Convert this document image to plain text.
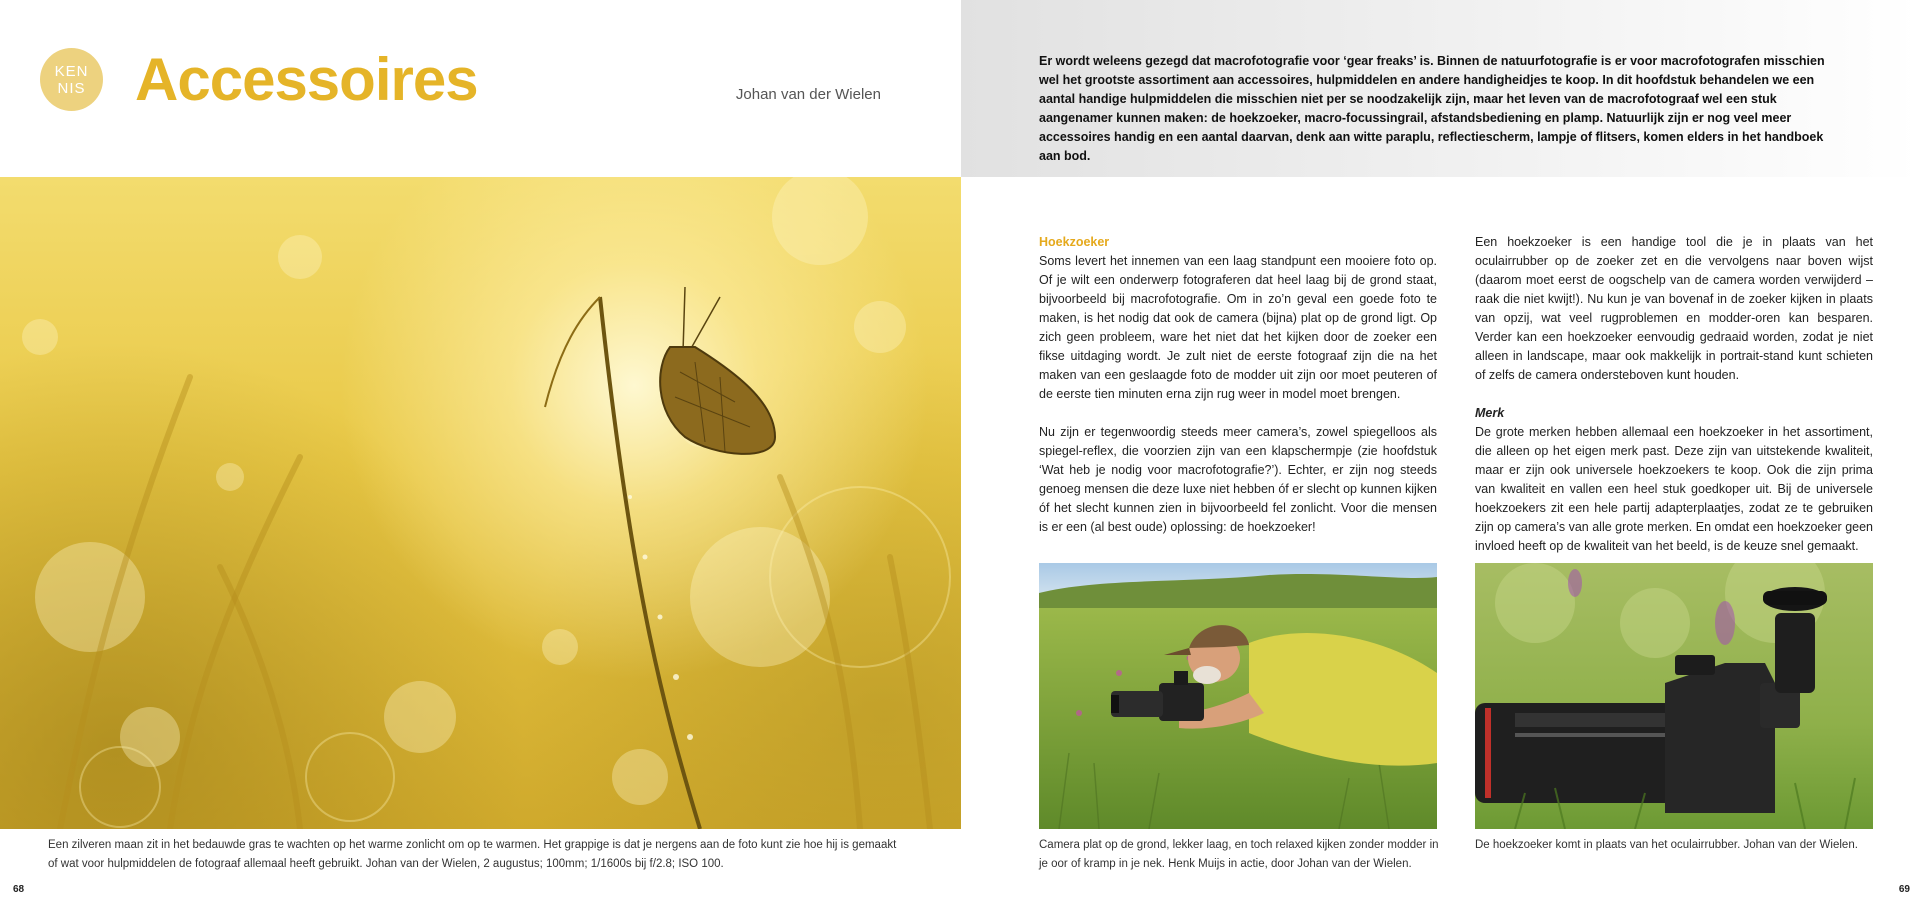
KEN
NIS Accessoires	Johan van der Wielen

Een zilveren maan zit in het bedauwde gras te wachten op het warme zonlicht om op te warmen. Het grappige is dat je nergens aan de foto kunt zie hoe hij is gemaakt of wat voor hulpmiddelen de fotograaf allemaal heeft gebruikt. Johan van der Wielen, 2 augustus; 100mm; 1/1600s bij f/2.8; ISO 100.

68

Er wordt weleens gezegd dat macrofotografie voor ‘gear freaks’ is. Binnen de natuurfotografie is er voor macrofotografen misschien wel het grootste assortiment aan accessoires, hulpmiddelen en andere handigheidjes te koop. In dit hoofdstuk behandelen we een aantal handige hulpmiddelen die misschien niet per se noodzakelijk zijn, maar het leven van de macrofotograaf wel een stuk aangenamer kunnen maken: de hoekzoeker, macro-focussingrail, afstandsbediening en plamp. Natuurlijk zijn er nog veel meer accessoires handig en een aantal daarvan, denk aan witte paraplu, reflectiescherm, lampje of flitsers, komen elders in het handboek aan bod.

Hoekzoeker

Soms levert het innemen van een laag standpunt een mooiere foto op. Of je wilt een onderwerp fotograferen dat heel laag bij de grond staat, bijvoorbeeld bij macrofotografie. Om in zo’n geval een goede foto te maken, is het nodig dat ook de camera (bijna) plat op de grond ligt. Op zich geen probleem, ware het niet dat het kijken door de zoeker een fikse uitdaging wordt. Je zult niet de eerste fotograaf zijn die na het maken van een geslaagde foto de modder uit zijn oor moet peuteren of de eerste tien minuten erna zijn rug weer in model moet brengen.

Nu zijn er tegenwoordig steeds meer camera’s, zowel spiegelloos als spiegel-reflex, die voorzien zijn van een klapschermpje (zie hoofdstuk ‘Wat heb je nodig voor macrofotografie?’). Echter, er zijn nog steeds genoeg mensen die deze luxe niet hebben óf er slecht op kunnen kijken óf het slecht kunnen zien in bijvoorbeeld fel zonlicht. Voor die mensen is er een (al best oude) oplossing: de hoekzoeker!

Een hoekzoeker is een handige tool die je in plaats van het oculairrubber op de zoeker zet en die vervolgens naar boven wijst (daarom moet eerst de oogschelp van de camera worden verwijderd – raak die niet kwijt!). Nu kun je van bovenaf in de zoeker kijken in plaats van opzij, wat veel rugproblemen en modder-oren kan besparen. Verder kan een hoekzoeker eenvoudig gedraaid worden, zodat je niet alleen in landscape, maar ook makkelijk in portrait-stand kunt schieten of zelfs de camera ondersteboven kunt houden.

Merk

De grote merken hebben allemaal een hoekzoeker in het assortiment, die alleen op het eigen merk past. Deze zijn van uitstekende kwaliteit, maar er zijn ook universele hoekzoekers te koop. Ook die zijn prima van kwaliteit en vallen een heel stuk goedkoper uit. Bij de universele hoekzoekers zit een hele partij adapterplaatjes, zodat ze te gebruiken zijn op camera’s van alle grote merken. En omdat een hoekzoeker geen invloed heeft op de kwaliteit van het beeld, is de keuze snel gemaakt.

Camera plat op de grond, lekker laag, en toch relaxed kijken zonder modder in je oor of kramp in je nek. Henk Muijs in actie, door Johan van der Wielen.

De hoekzoeker komt in plaats van het oculairrubber. Johan van der Wielen.

69
